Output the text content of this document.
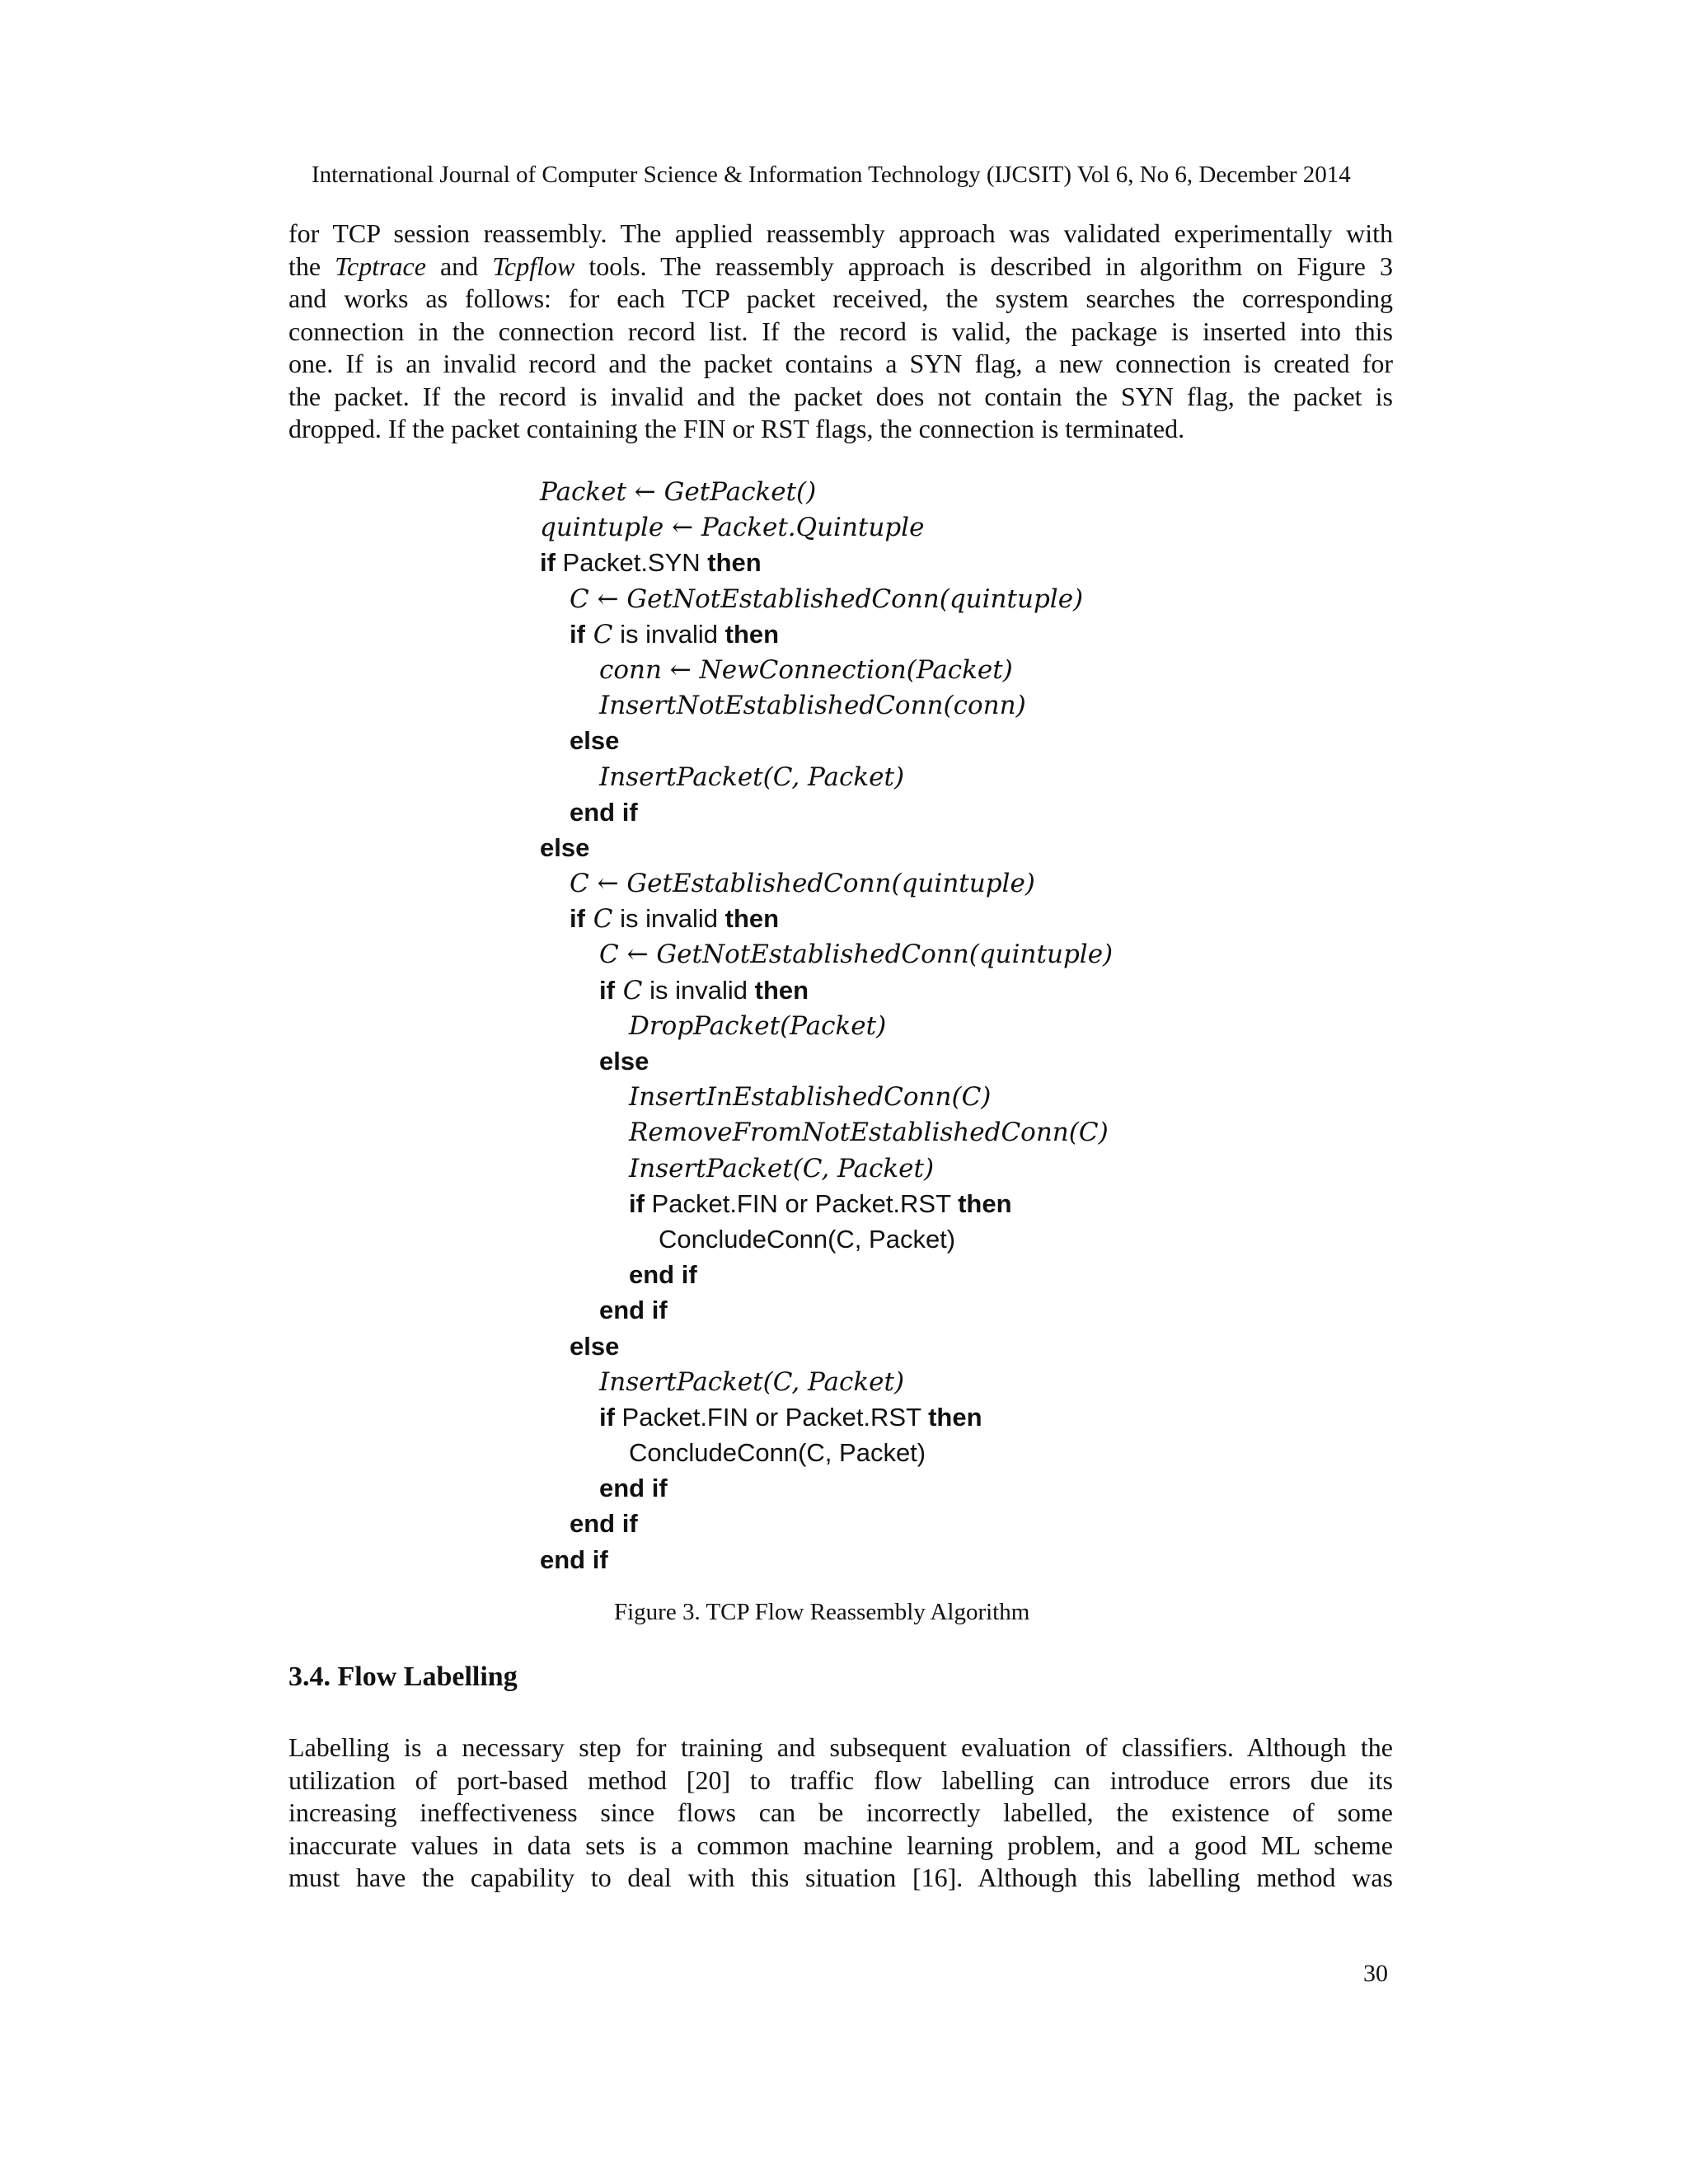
International Journal of Computer Science & Information Technology (IJCSIT) Vol 6, No 6, December 2014
for TCP session reassembly. The applied reassembly approach was validated experimentally with
the Tcptrace and Tcpflow tools. The reassembly approach is described in algorithm on Figure 3
and works as follows: for each TCP packet received, the system searches the corresponding
connection in the connection record list. If the record is valid, the package is inserted into this
one. If is an invalid record and the packet contains a SYN flag, a new connection is created for
the packet. If the record is invalid and the packet does not contain the SYN flag, the packet is
dropped. If the packet containing the FIN or RST flags, the connection is terminated.
Packet ← GetPacket()
quintuple ← Packet.Quintuple
if Packet.SYN then
C ← GetNotEstablishedConn(quintuple)
if C is invalid then
conn ← NewConnection(Packet)
InsertNotEstablishedConn(conn)
else
InsertPacket(C, Packet)
end if
else
C ← GetEstablishedConn(quintuple)
if C is invalid then
C ← GetNotEstablishedConn(quintuple)
if C is invalid then
DropPacket(Packet)
else
InsertInEstablishedConn(C)
RemoveFromNotEstablishedConn(C)
InsertPacket(C, Packet)
if Packet.FIN or Packet.RST then
ConcludeConn(C, Packet)
end if
end if
else
InsertPacket(C, Packet)
if Packet.FIN or Packet.RST then
ConcludeConn(C, Packet)
end if
end if
end if
Figure 3. TCP Flow Reassembly Algorithm
3.4. Flow Labelling
Labelling is a necessary step for training and subsequent evaluation of classifiers. Although the
utilization of port-based method [20] to traffic flow labelling can introduce errors due its
increasing ineffectiveness since flows can be incorrectly labelled, the existence of some
inaccurate values in data sets is a common machine learning problem, and a good ML scheme
must have the capability to deal with this situation [16]. Although this labelling method was
30
